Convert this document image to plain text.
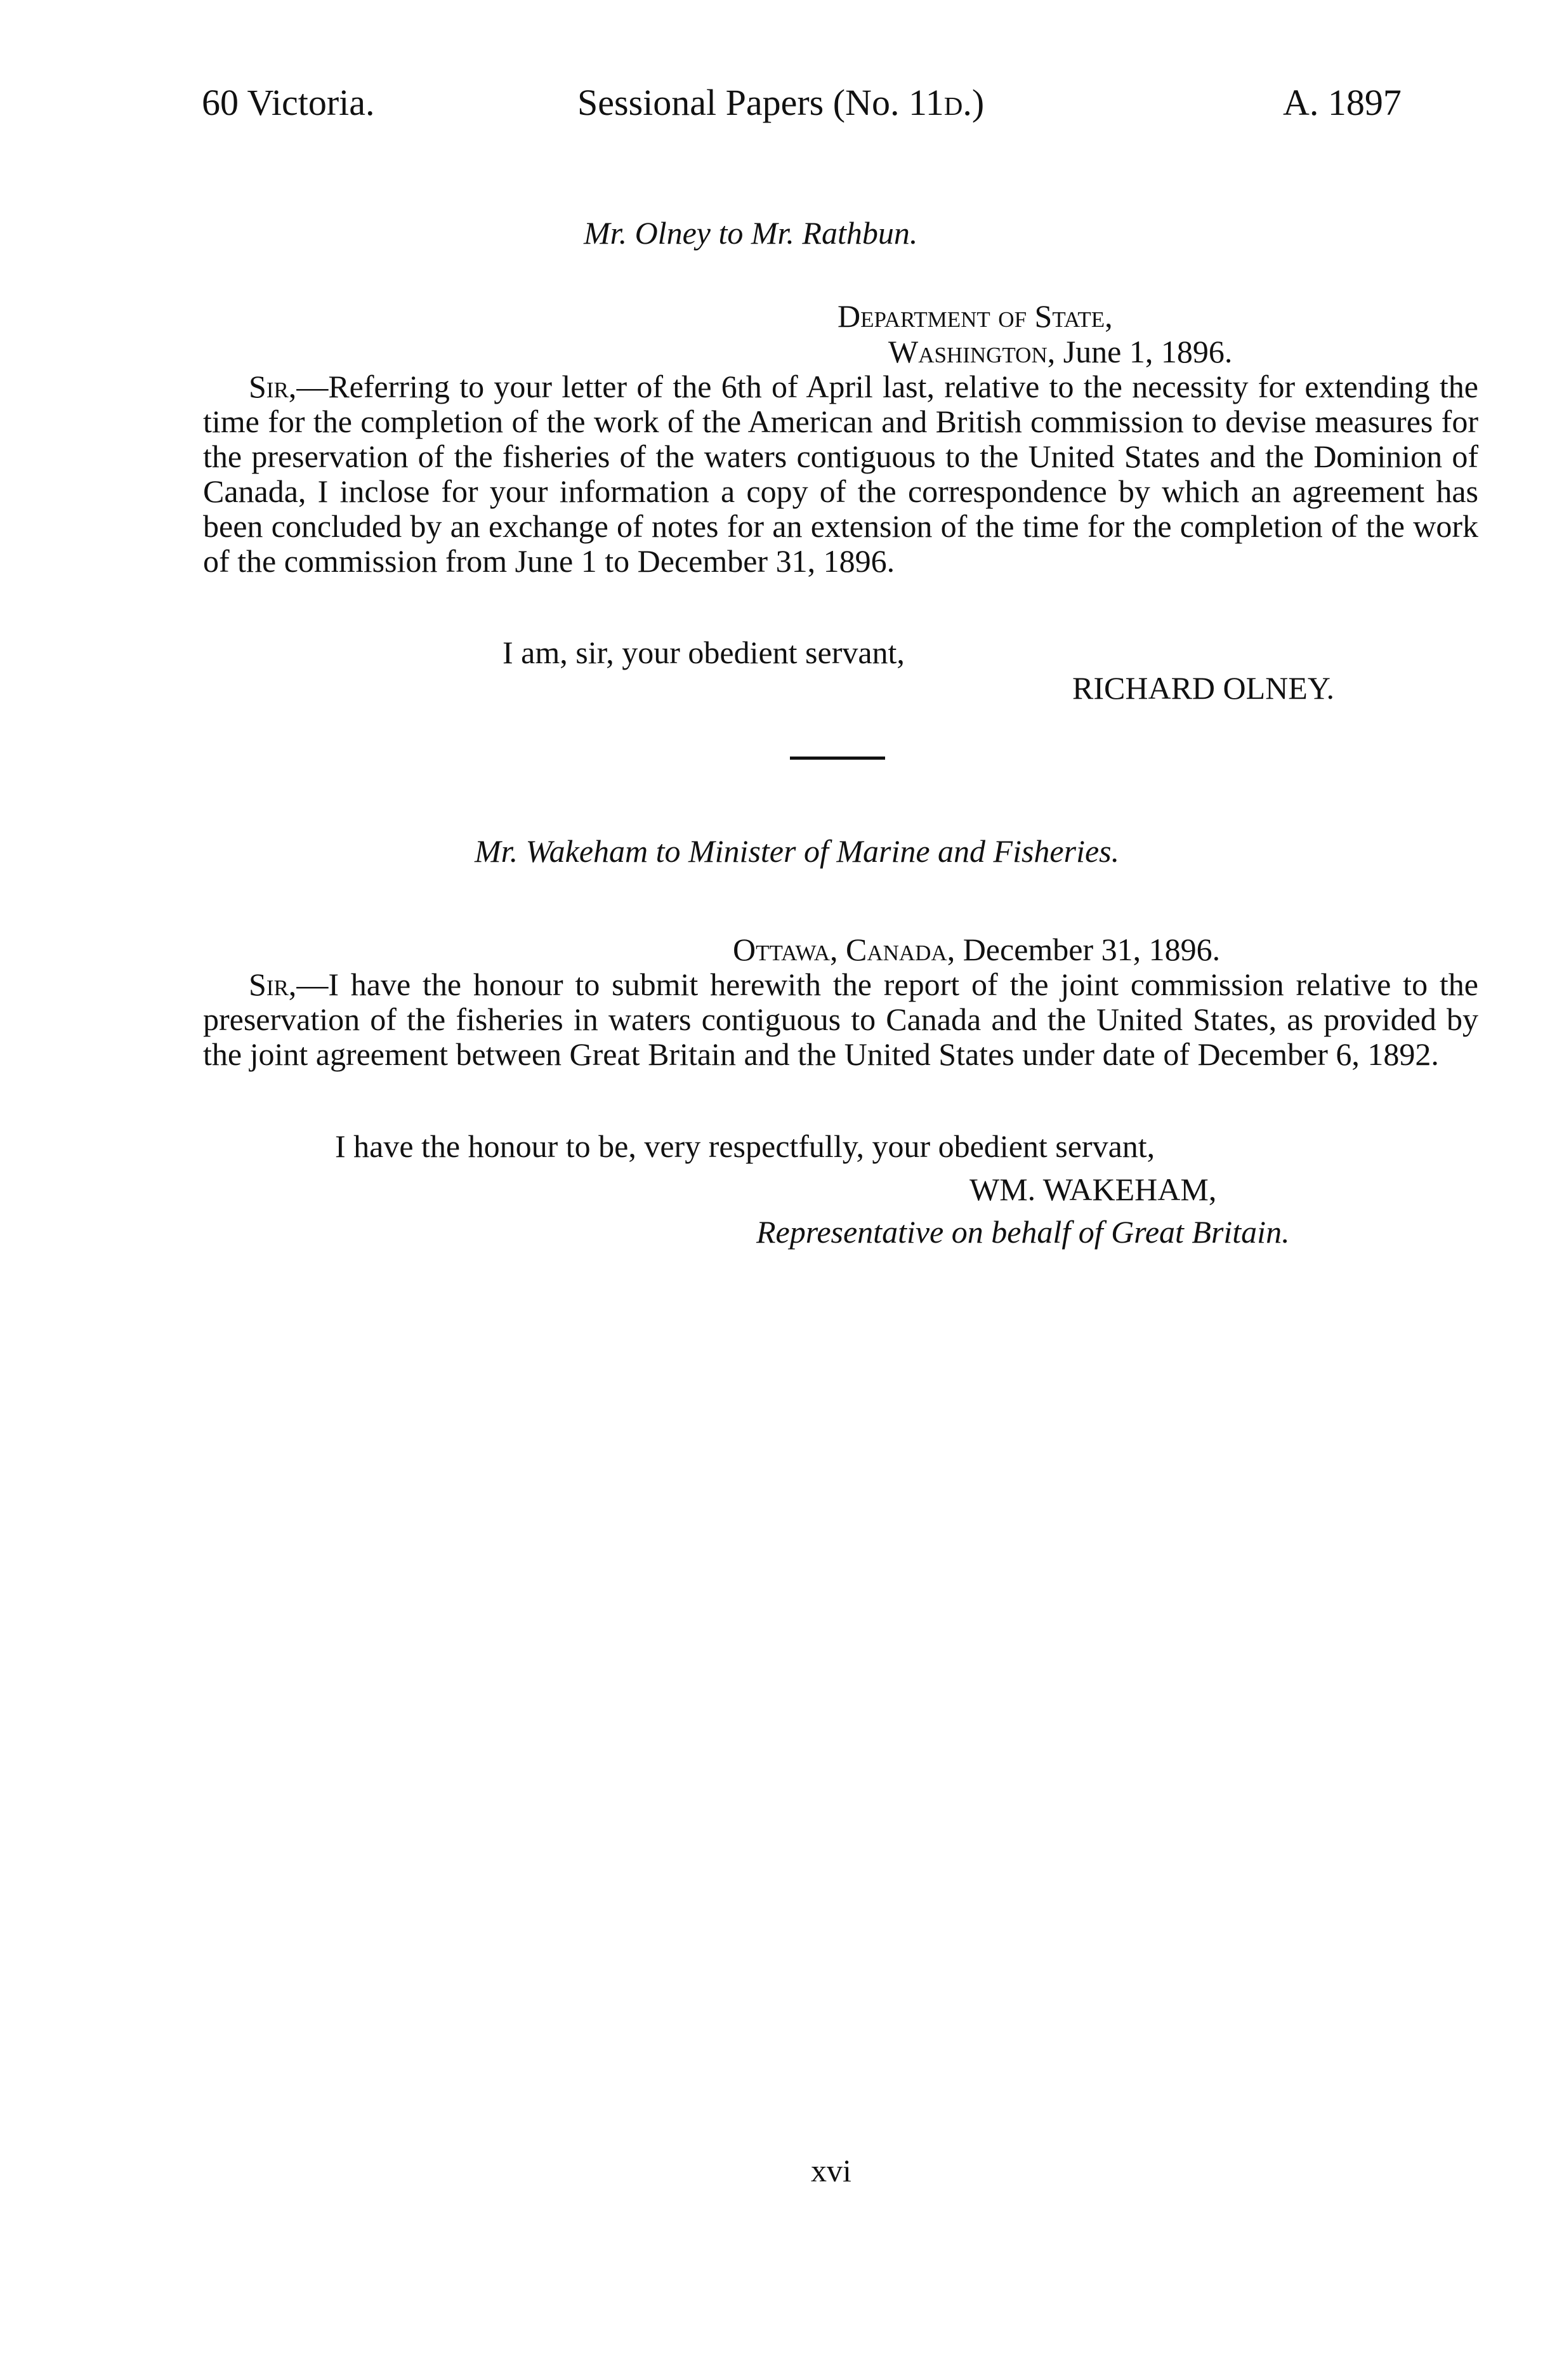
60 Victoria.	Sessional Papers (No. 11d.)	A. 1897
Mr. Olney to Mr. Rathbun.
Department of State,
Washington, June 1, 1896.
Sir,—Referring to your letter of the 6th of April last, relative to the necessity for extending the time for the completion of the work of the American and British commission to devise measures for the preservation of the fisheries of the waters contiguous to the United States and the Dominion of Canada, I inclose for your information a copy of the correspondence by which an agreement has been concluded by an exchange of notes for an extension of the time for the completion of the work of the commission from June 1 to December 31, 1896.
I am, sir, your obedient servant,
RICHARD OLNEY.
Mr. Wakeham to Minister of Marine and Fisheries.
Ottawa, Canada, December 31, 1896.
Sir,—I have the honour to submit herewith the report of the joint commission relative to the preservation of the fisheries in waters contiguous to Canada and the United States, as provided by the joint agreement between Great Britain and the United States under date of December 6, 1892.
I have the honour to be, very respectfully, your obedient servant,
WM. WAKEHAM,
Representative on behalf of Great Britain.
xvi
